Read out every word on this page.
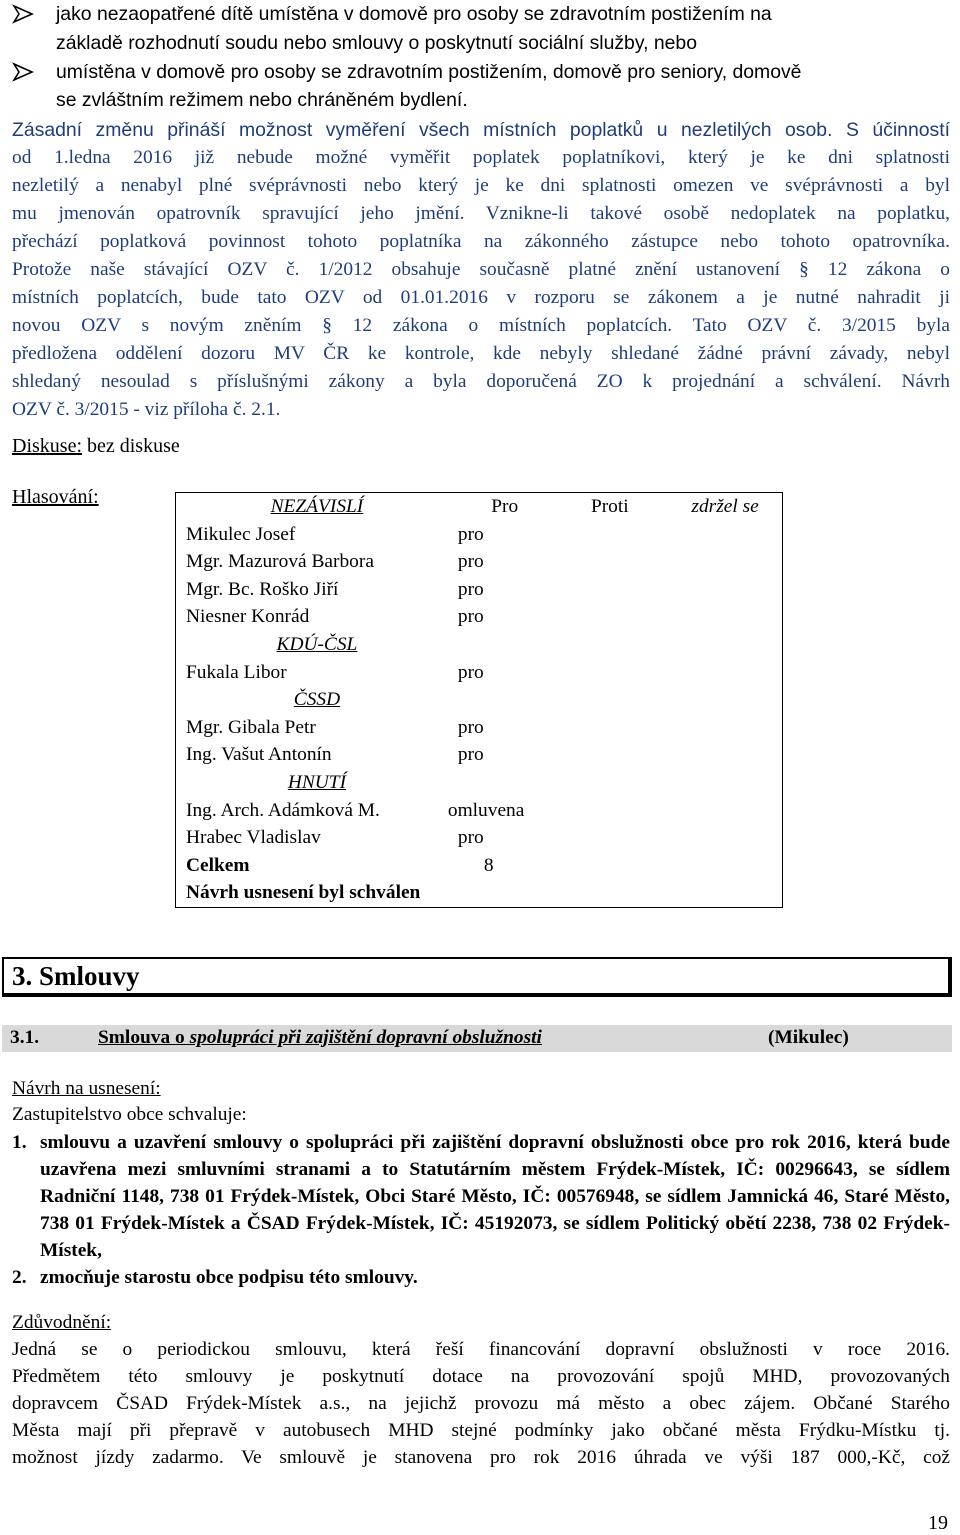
jako nezaopatřené dítě umístěna v domově pro osoby se zdravotním postižením na
základě rozhodnutí soudu nebo smlouvy o poskytnutí sociální služby, nebo
umístěna v domově pro osoby se zdravotním postižením, domově pro seniory, domově
se zvláštním režimem nebo chráněném bydlení.
Zásadní změnu přináší možnost vyměření všech místních poplatků u nezletilých osob. S účinností
od 1.ledna 2016 již nebude možné vyměřit poplatek poplatníkovi, který je ke dni splatnosti
nezletilý a nenabyl plné svéprávnosti nebo který je ke dni splatnosti omezen ve svéprávnosti a byl
mu jmenován opatrovník spravující jeho jmění. Vznikne-li takové osobě nedoplatek na poplatku,
přechází poplatková povinnost tohoto poplatníka na zákonného zástupce nebo tohoto opatrovníka.
Protože naše stávající OZV č. 1/2012 obsahuje současně platné znění ustanovení § 12 zákona o
místních poplatcích, bude tato OZV od 01.01.2016 v rozporu se zákonem a je nutné nahradit ji
novou OZV s novým zněním § 12 zákona o místních poplatcích. Tato OZV č. 3/2015 byla
předložena oddělení dozoru MV ČR ke kontrole, kde nebyly shledané žádné právní závady, nebyl
shledaný nesoulad s příslušnými zákony a byla doporučená ZO k projednání a schválení. Návrh
OZV č. 3/2015 - viz příloha č. 2.1.
Diskuse: bez diskuse
Hlasování:	NEZÁVISLÍ	Pro	Proti	zdržel se
Mikulec Josef	pro		
Mgr. Mazurová Barbora	pro		
Mgr. Bc. Roško Jiří	pro		
Niesner Konrád	pro		
KDÚ-ČSL			
Fukala Libor	pro		
ČSSD			
Mgr. Gibala Petr	pro		
Ing. Vašut Antonín	pro		
HNUTÍ			
Ing. Arch. Adámková M.	omluvena		
Hrabec Vladislav	pro		
Celkem	8		
Návrh usnesení byl schválen			
3. Smlouvy
3.1.	Smlouva o spolupráci při zajištění dopravní obslužnosti	(Mikulec)
Návrh na usnesení:
Zastupitelstvo obce schvaluje:
1. smlouvu a uzavření smlouvy o spolupráci při zajištění dopravní obslužnosti obce pro rok 2016, která bude uzavřena mezi smluvními stranami a to Statutárním městem Frýdek-Místek, IČ: 00296643, se sídlem Radniční 1148, 738 01 Frýdek-Místek, Obci Staré Město, IČ: 00576948, se sídlem Jamnická 46, Staré Město, 738 01 Frýdek-Místek a ČSAD Frýdek-Místek, IČ: 45192073, se sídlem Politický obětí 2238, 738 02 Frýdek-Místek,
2. zmocňuje starostu obce podpisu této smlouvy.
Zdůvodnění:
Jedná se o periodickou smlouvu, která řeší financování dopravní obslužnosti v roce 2016.
Předmětem této smlouvy je poskytnutí dotace na provozování spojů MHD, provozovaných
dopravcem ČSAD Frýdek-Místek a.s., na jejichž provozu má město a obec zájem. Občané Starého
Města mají při přepravě v autobusech MHD stejné podmínky jako občané města Frýdku-Místku tj.
možnost jízdy zadarmo. Ve smlouvě je stanovena pro rok 2016 úhrada ve výši 187 000,-Kč, což
19
